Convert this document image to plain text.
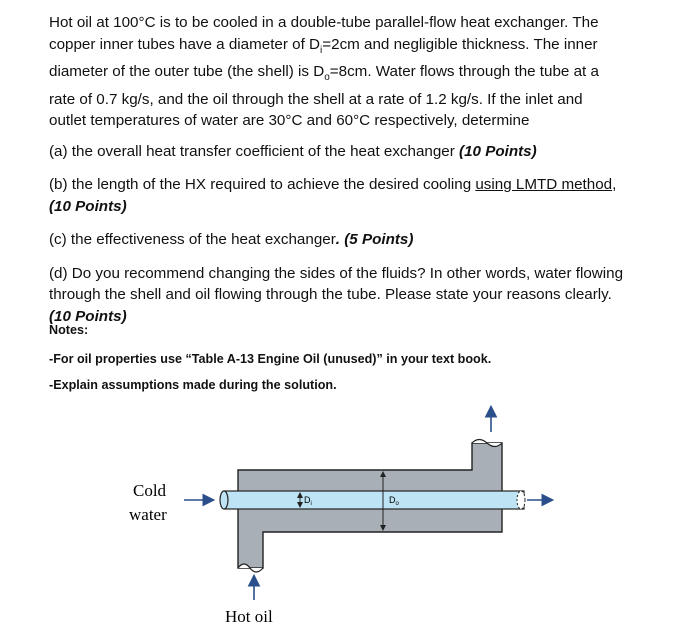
Hot oil at 100°C is to be cooled in a double-tube parallel-flow heat exchanger. The
copper inner tubes have a diameter of $D_i=2cm$ and negligible thickness. The inner
diameter of the outer tube (the shell) is $D_o=8cm$. Water flows through the tube at a
rate of 0.7 kg/s, and the oil through the shell at a rate of 1.2 kg/s. If the inlet and
outlet temperatures of water are 30°C and 60°C respectively, determine

(a) the overall heat transfer coefficient of the heat exchanger (10 Points)

(b) the length of the HX required to achieve the desired cooling using LMTD method,
(10 Points)

(c) the effectiveness of the heat exchanger. (5 Points)

(d) Do you recommend changing the sides of the fluids? In other words, water flowing
through the shell and oil flowing through the tube. Please state your reasons clearly.
(10 Points)

Notes:
-For oil properties use “Table A-13 Engine Oil (unused)” in your text book.
-Explain assumptions made during the solution.
$D_i$	$D_o$
Cold
water
Hot oil
